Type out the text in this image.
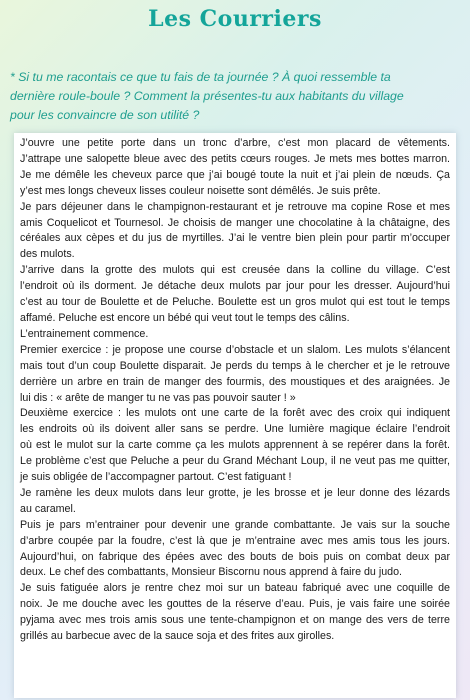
Les Courriers
* Si tu me racontais ce que tu fais de ta journée ? À quoi ressemble ta
dernière roule-boule ? Comment la présentes-tu aux habitants du village
pour les convaincre de son utilité ?
J’ouvre une petite porte dans un tronc d’arbre, c’est mon placard de vêtements.
J’attrape une salopette bleue avec des petits cœurs rouges. Je mets mes bottes marron.
Je me démêle les cheveux parce que j’ai bougé toute la nuit et j’ai plein de nœuds. Ça
y’est mes longs cheveux lisses couleur noisette sont démêlés. Je suis prête.
Je pars déjeuner dans le champignon-restaurant et je retrouve ma copine Rose et mes
amis Coquelicot et Tournesol. Je choisis de manger une chocolatine à la châtaigne, des
céréales aux cèpes et du jus de myrtilles. J’ai le ventre bien plein pour partir m’occuper
des mulots.
J’arrive dans la grotte des mulots qui est creusée dans la colline du village. C’est
l’endroit où ils dorment. Je détache deux mulots par jour pour les dresser. Aujourd’hui
c’est au tour de Boulette et de Peluche. Boulette est un gros mulot qui est tout le temps
affamé. Peluche est encore un bébé qui veut tout le temps des câlins.
L’entrainement commence.
Premier exercice : je propose une course d’obstacle et un slalom. Les mulots s’élancent
mais tout d’un coup Boulette disparait. Je perds du temps à le chercher et je le retrouve
derrière un arbre en train de manger des fourmis, des moustiques et des araignées. Je
lui dis : « arête de manger tu ne vas pas pouvoir sauter ! »
Deuxième exercice : les mulots ont une carte de la forêt avec des croix qui indiquent
les endroits où ils doivent aller sans se perdre. Une lumière magique éclaire l’endroit
où est le mulot sur la carte comme ça les mulots apprennent à se repérer dans la forêt.
Le problème c’est que Peluche a peur du Grand Méchant Loup, il ne veut pas me quitter,
je suis obligée de l’accompagner partout. C’est fatiguant !
Je ramène les deux mulots dans leur grotte, je les brosse et je leur donne des lézards
au caramel.
Puis je pars m’entrainer pour devenir une grande combattante. Je vais sur la souche
d’arbre coupée par la foudre, c’est là que je m’entraine avec mes amis tous les jours.
Aujourd’hui, on fabrique des épées avec des bouts de bois puis on combat deux par
deux. Le chef des combattants, Monsieur Biscornu nous apprend à faire du judo.
Je suis fatiguée alors je rentre chez moi sur un bateau fabriqué avec une coquille de
noix. Je me douche avec les gouttes de la réserve d’eau. Puis, je vais faire une soirée
pyjama avec mes trois amis sous une tente-champignon et on mange des vers de terre
grillés au barbecue avec de la sauce soja et des frites aux girolles.
